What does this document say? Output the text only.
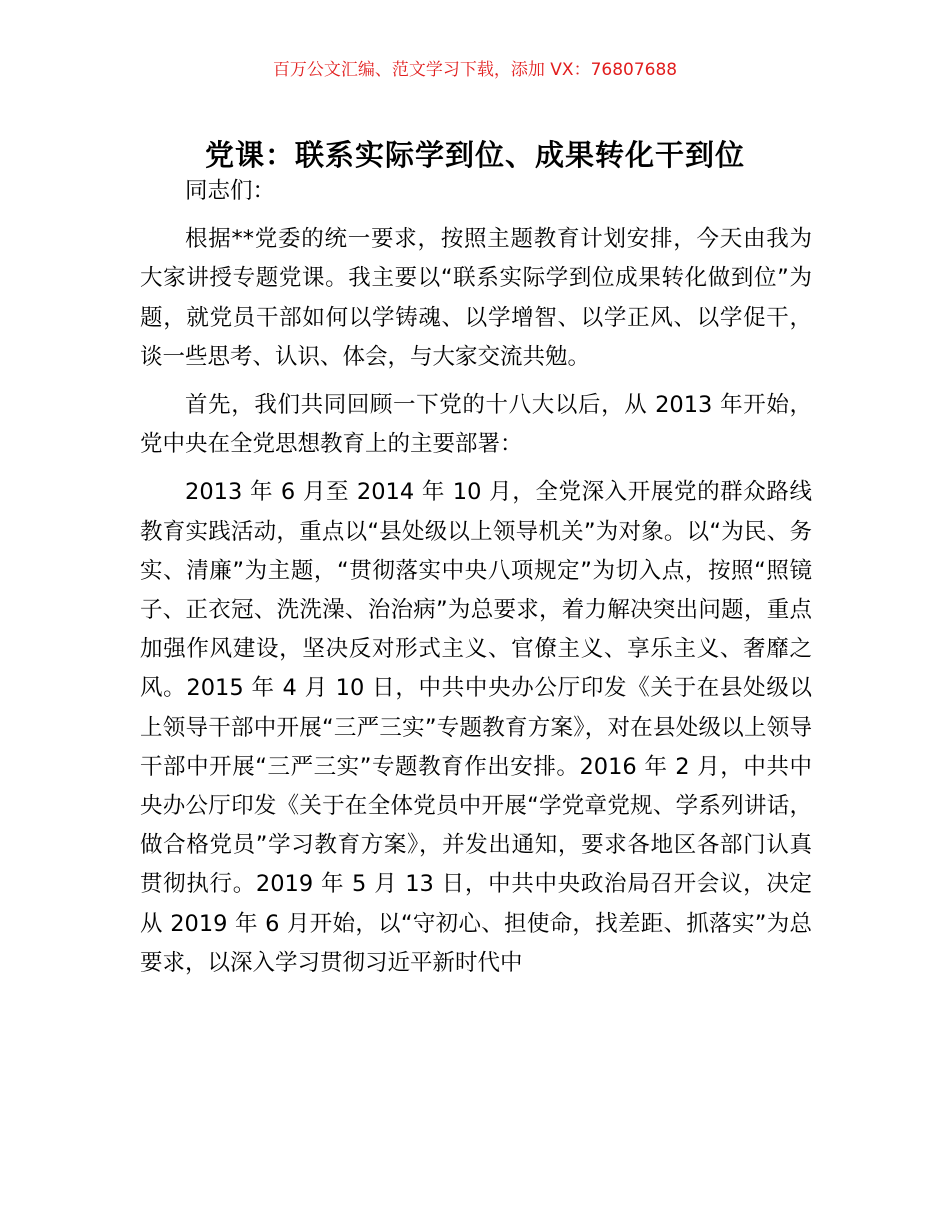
百万公文汇编、范文学习下载，添加 VX：76807688
党课：联系实际学到位、成果转化干到位

同志们：

根据**党委的统一要求，按照主题教育计划安排，今天由我为大家讲授专题党课。我主要以“联系实际学到位成果转化做到位”为题，就党员干部如何以学铸魂、以学增智、以学正风、以学促干，谈一些思考、认识、体会，与大家交流共勉。

首先，我们共同回顾一下党的十八大以后，从 2013 年开始，党中央在全党思想教育上的主要部署：

2013 年 6 月至 2014 年 10 月，全党深入开展党的群众路线教育实践活动，重点以“县处级以上领导机关”为对象。以“为民、务实、清廉”为主题，“贯彻落实中央八项规定”为切入点，按照“照镜子、正衣冠、洗洗澡、治治病”为总要求，着力解决突出问题，重点加强作风建设，坚决反对形式主义、官僚主义、享乐主义、奢靡之风。2015 年 4 月 10 日，中共中央办公厅印发《关于在县处级以上领导干部中开展“三严三实”专题教育方案》，对在县处级以上领导干部中开展“三严三实”专题教育作出安排。2016 年 2 月，中共中央办公厅印发《关于在全体党员中开展“学党章党规、学系列讲话，做合格党员”学习教育方案》，并发出通知，要求各地区各部门认真贯彻执行。2019 年 5 月 13 日，中共中央政治局召开会议，决定从 2019 年 6 月开始，以“守初心、担使命，找差距、抓落实”为总要求，以深入学习贯彻习近平新时代中
